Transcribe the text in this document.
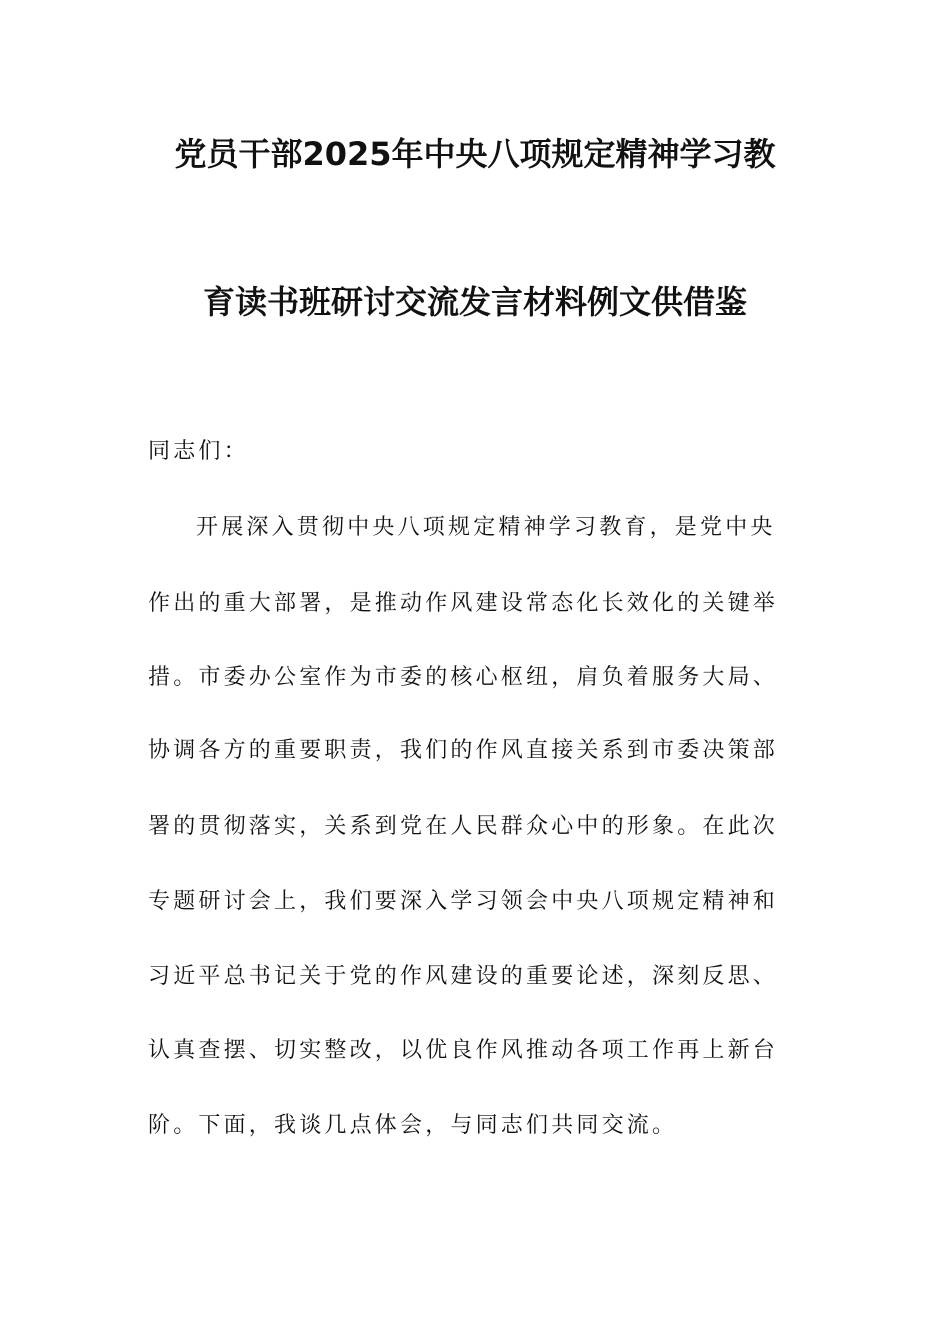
党员干部2025年中央八项规定精神学习教
育读书班研讨交流发言材料例文供借鉴
同志们：
开展深入贯彻中央八项规定精神学习教育，是党中央
作出的重大部署，是推动作风建设常态化长效化的关键举
措。市委办公室作为市委的核心枢纽，肩负着服务大局、
协调各方的重要职责，我们的作风直接关系到市委决策部
署的贯彻落实，关系到党在人民群众心中的形象。在此次
专题研讨会上，我们要深入学习领会中央八项规定精神和
习近平总书记关于党的作风建设的重要论述，深刻反思、
认真查摆、切实整改，以优良作风推动各项工作再上新台
阶。下面，我谈几点体会，与同志们共同交流。
